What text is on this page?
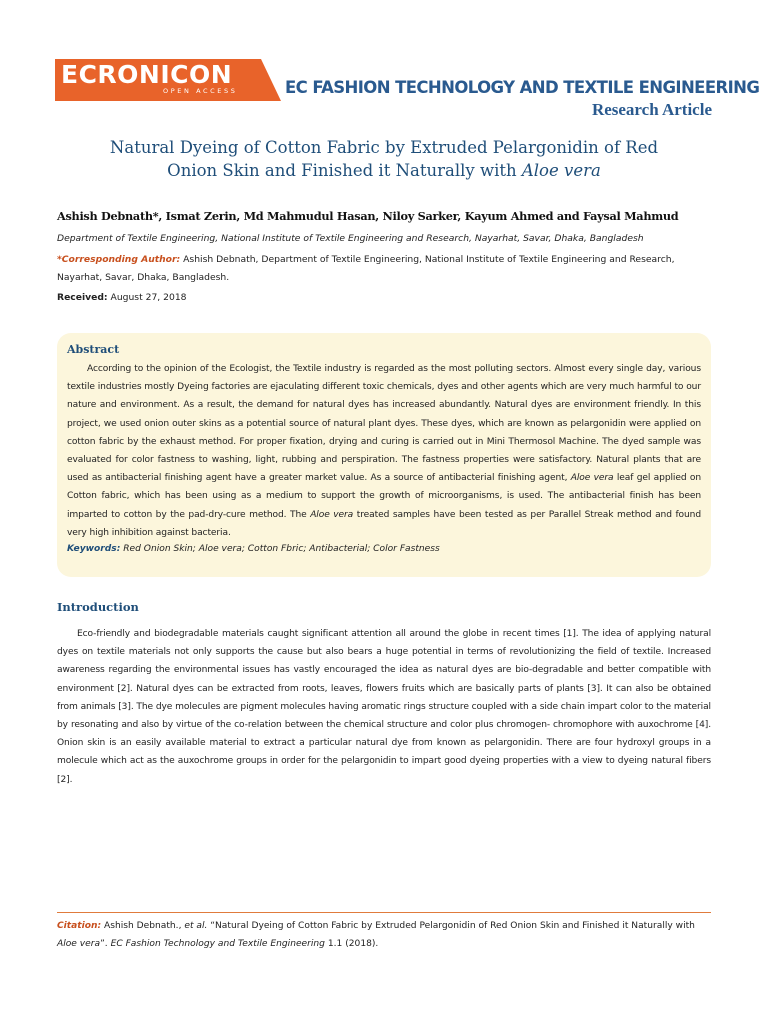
ECRONICON
OPEN ACCESS	EC FASHION TECHNOLOGY AND TEXTILE ENGINEERING
Research Article
Natural Dyeing of Cotton Fabric by Extruded Pelargonidin of Red
Onion Skin and Finished it Naturally with Aloe vera
Ashish Debnath*, Ismat Zerin, Md Mahmudul Hasan, Niloy Sarker, Kayum Ahmed and Faysal Mahmud
Department of Textile Engineering, National Institute of Textile Engineering and Research, Nayarhat, Savar, Dhaka, Bangladesh
*Corresponding Author: Ashish Debnath, Department of Textile Engineering, National Institute of Textile Engineering and Research, Nayarhat, Savar, Dhaka, Bangladesh.
Received: August 27, 2018
Abstract

According to the opinion of the Ecologist, the Textile industry is regarded as the most polluting sectors. Almost every single day, various textile industries mostly Dyeing factories are ejaculating different toxic chemicals, dyes and other agents which are very much harmful to our nature and environment. As a result, the demand for natural dyes has increased abundantly. Natural dyes are environment friendly. In this project, we used onion outer skins as a potential source of natural plant dyes. These dyes, which are known as pelargonidin were applied on cotton fabric by the exhaust method. For proper fixation, drying and curing is carried out in Mini Thermosol Machine. The dyed sample was evaluated for color fastness to washing, light, rubbing and perspiration. The fastness properties were satisfactory. Natural plants that are used as antibacterial finishing agent have a greater market value. As a source of antibacterial finishing agent, Aloe vera leaf gel applied on Cotton fabric, which has been using as a medium to support the growth of microorganisms, is used. The antibacterial finish has been imparted to cotton by the pad-dry-cure method. The Aloe vera treated samples have been tested as per Parallel Streak method and found very high inhibition against bacteria.

Keywords: Red Onion Skin; Aloe vera; Cotton Fbric; Antibacterial; Color Fastness
Introduction

Eco-friendly and biodegradable materials caught significant attention all around the globe in recent times [1]. The idea of applying natural dyes on textile materials not only supports the cause but also bears a huge potential in terms of revolutionizing the field of textile. Increased awareness regarding the environmental issues has vastly encouraged the idea as natural dyes are bio-degradable and better compatible with environment [2]. Natural dyes can be extracted from roots, leaves, flowers fruits which are basically parts of plants [3]. It can also be obtained from animals [3]. The dye molecules are pigment molecules having aromatic rings structure coupled with a side chain impart color to the material by resonating and also by virtue of the co-relation between the chemical structure and color plus chromogen- chromophore with auxochrome [4]. Onion skin is an easily available material to extract a particular natural dye from known as pelargonidin. There are four hydroxyl groups in a molecule which act as the auxochrome groups in order for the pelargonidin to impart good dyeing properties with a view to dyeing natural fibers [2].

Citation: Ashish Debnath., et al. “Natural Dyeing of Cotton Fabric by Extruded Pelargonidin of Red Onion Skin and Finished it Naturally with Aloe vera”. EC Fashion Technology and Textile Engineering 1.1 (2018).
